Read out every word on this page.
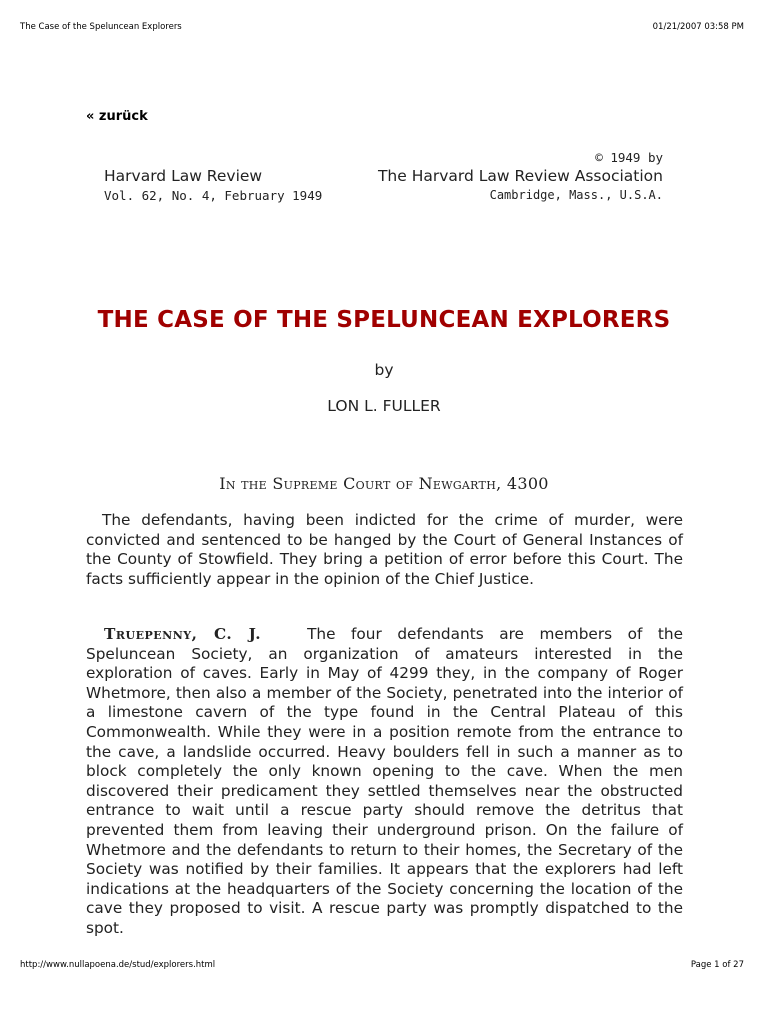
The Case of the Speluncean Explorers	01/21/2007 03:58 PM
« zurück
Harvard Law Review
Vol. 62, No. 4, February 1949
© 1949 by
The Harvard Law Review Association
Cambridge, Mass., U.S.A.
THE CASE OF THE SPELUNCEAN EXPLORERS
by
LON L. FULLER
In the Supreme Court of Newgarth, 4300
The defendants, having been indicted for the crime of murder, were convicted and sentenced to be hanged by the Court of General Instances of the County of Stowfield. They bring a petition of error before this Court. The facts sufficiently appear in the opinion of the Chief Justice.
Truepenny, C. J.	The four defendants are members of the Speluncean Society, an organization of amateurs interested in the exploration of caves. Early in May of 4299 they, in the company of Roger Whetmore, then also a member of the Society, penetrated into the interior of a limestone cavern of the type found in the Central Plateau of this Commonwealth. While they were in a position remote from the entrance to the cave, a landslide occurred. Heavy boulders fell in such a manner as to block completely the only known opening to the cave. When the men discovered their predicament they settled themselves near the obstructed entrance to wait until a rescue party should remove the detritus that prevented them from leaving their underground prison. On the failure of Whetmore and the defendants to return to their homes, the Secretary of the Society was notified by their families. It appears that the explorers had left indications at the headquarters of the Society concerning the location of the cave they proposed to visit. A rescue party was promptly dispatched to the spot.
http://www.nullapoena.de/stud/explorers.html	Page 1 of 27
